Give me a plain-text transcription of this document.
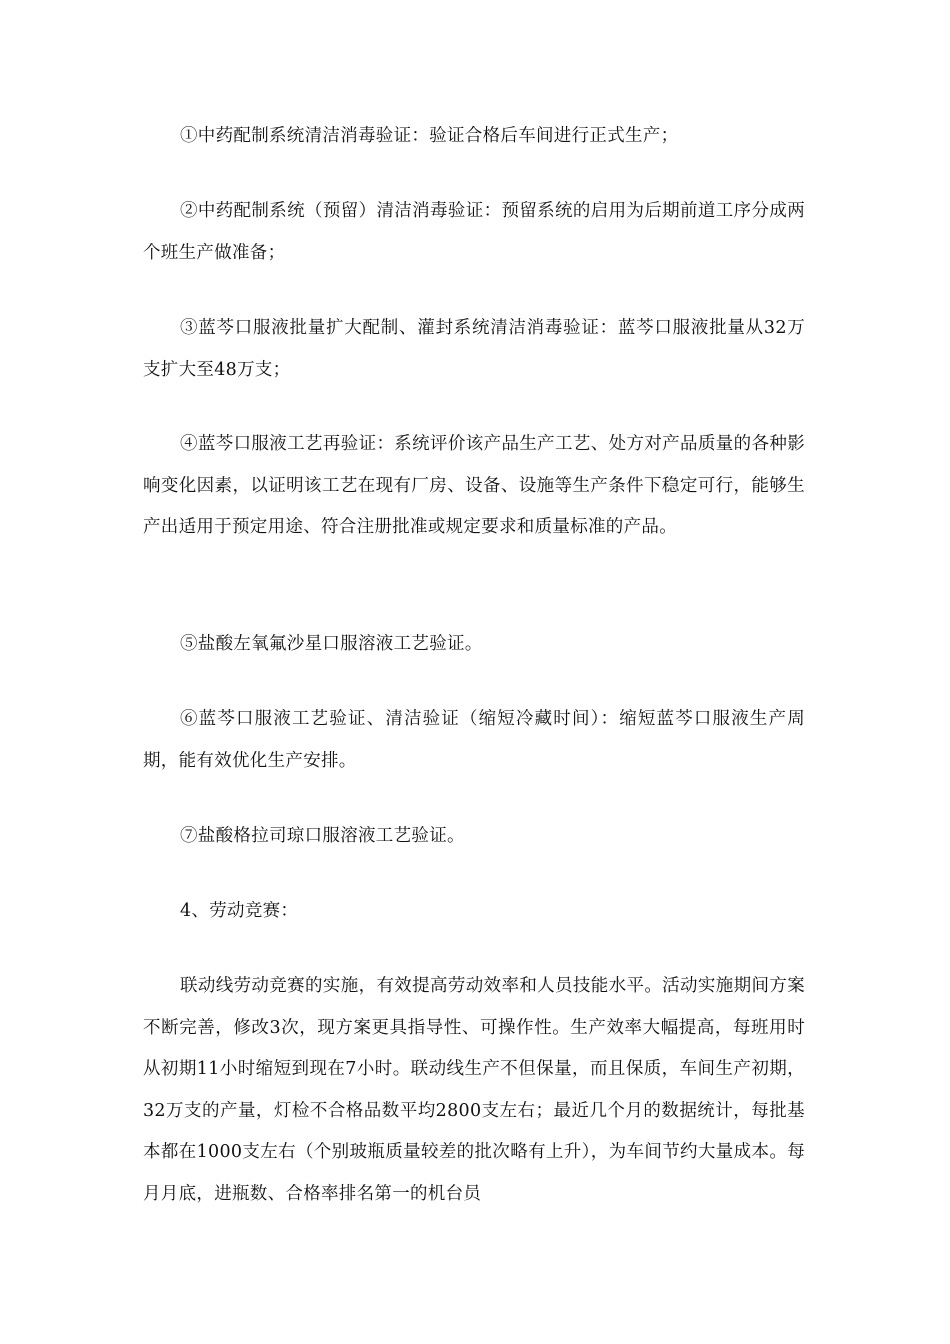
①中药配制系统清洁消毒验证：验证合格后车间进行正式生产；

②中药配制系统（预留）清洁消毒验证：预留系统的启用为后期前道工序分成两个班生产做准备；

③蓝芩口服液批量扩大配制、灌封系统清洁消毒验证：蓝芩口服液批量从32万支扩大至48万支；

④蓝芩口服液工艺再验证：系统评价该产品生产工艺、处方对产品质量的各种影响变化因素，以证明该工艺在现有厂房、设备、设施等生产条件下稳定可行，能够生产出适用于预定用途、符合注册批准或规定要求和质量标准的产品。

⑤盐酸左氧氟沙星口服溶液工艺验证。

⑥蓝芩口服液工艺验证、清洁验证（缩短冷藏时间）：缩短蓝芩口服液生产周期，能有效优化生产安排。

⑦盐酸格拉司琼口服溶液工艺验证。

4、劳动竞赛：

联动线劳动竞赛的实施，有效提高劳动效率和人员技能水平。活动实施期间方案不断完善，修改3次，现方案更具指导性、可操作性。生产效率大幅提高，每班用时从初期11小时缩短到现在7小时。联动线生产不但保量，而且保质，车间生产初期，32万支的产量，灯检不合格品数平均2800支左右；最近几个月的数据统计，每批基本都在1000支左右（个别玻瓶质量较差的批次略有上升），为车间节约大量成本。每月月底，进瓶数、合格率排名第一的机台员
